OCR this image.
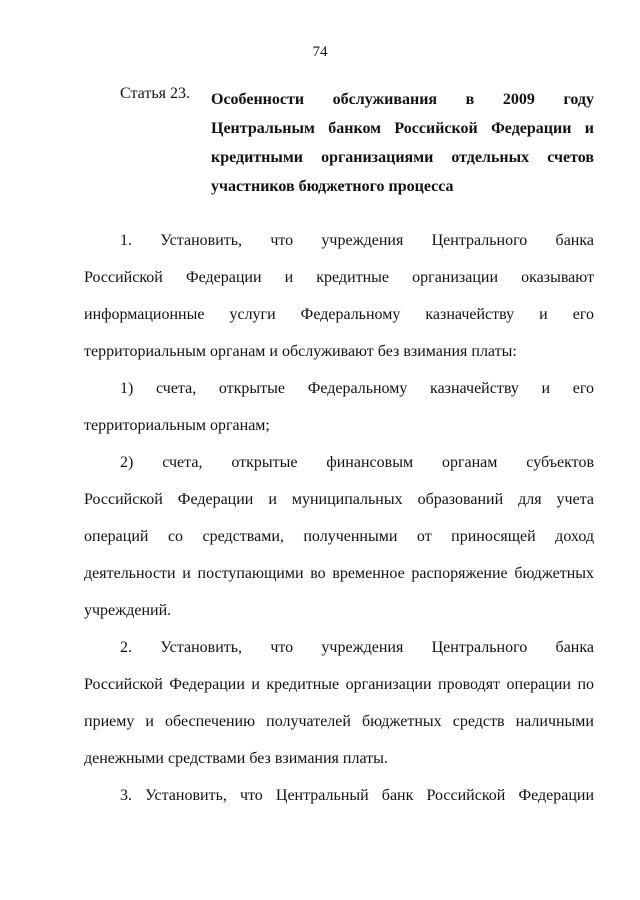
74
Статья 23. Особенности обслуживания в 2009 году
Центральным банком Российской Федерации и
кредитными организациями отдельных счетов
участников бюджетного процесса
1. Установить, что учреждения Центрального банка
Российской Федерации и кредитные организации оказывают
информационные услуги Федеральному казначейству и его
территориальным органам и обслуживают без взимания платы:
1) счета, открытые Федеральному казначейству и его
территориальным органам;
2) счета, открытые финансовым органам субъектов
Российской Федерации и муниципальных образований для учета
операций со средствами, полученными от приносящей доход
деятельности и поступающими во временное распоряжение бюджетных
учреждений.
2. Установить, что учреждения Центрального банка
Российской Федерации и кредитные организации проводят операции по
приему и обеспечению получателей бюджетных средств наличными
денежными средствами без взимания платы.
3. Установить, что Центральный банк Российской Федерации
